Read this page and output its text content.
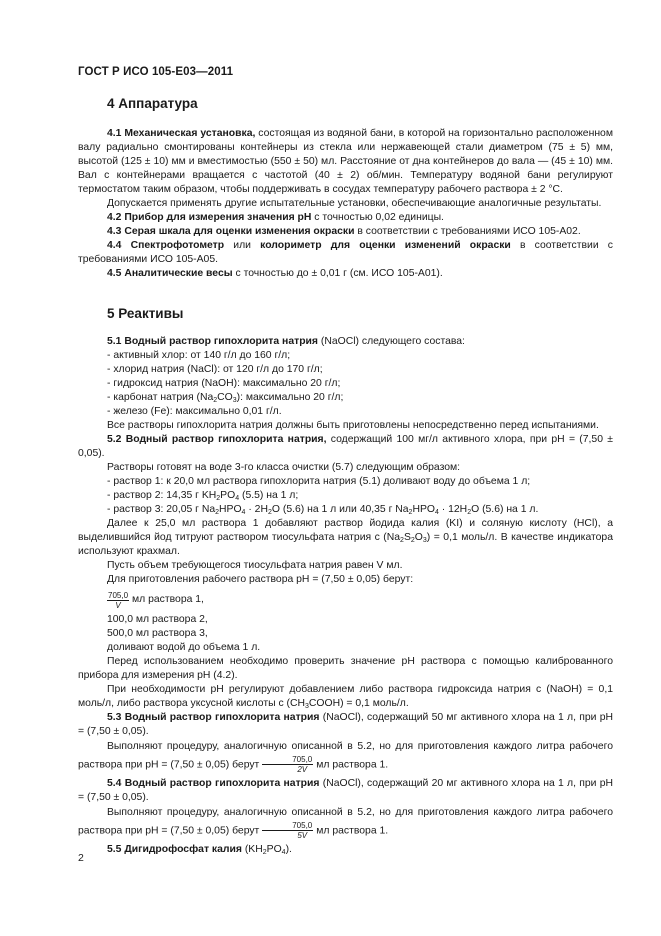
ГОСТ Р ИСО 105-Е03—2011
4 Аппаратура

4.1 Механическая установка, состоящая из водяной бани, в которой на горизонтально расположенном валу радиально смонтированы контейнеры из стекла или нержавеющей стали диаметром (75 ± 5) мм, высотой (125 ± 10) мм и вместимостью (550 ± 50) мл. Расстояние от дна контейнеров до вала — (45 ± 10) мм. Вал с контейнерами вращается с частотой (40 ± 2) об/мин. Температуру водяной бани регулируют термостатом таким образом, чтобы поддерживать в сосудах температуру рабочего раствора ± 2 °С.

Допускается применять другие испытательные установки, обеспечивающие аналогичные результаты.

4.2 Прибор для измерения значения pH с точностью 0,02 единицы.

4.3 Серая шкала для оценки изменения окраски в соответствии с требованиями ИСО 105-А02.

4.4 Спектрофотометр или колориметр для оценки изменений окраски в соответствии с требованиями ИСО 105-А05.

4.5 Аналитические весы с точностью до ± 0,01 г (см. ИСО 105-А01).

5 Реактивы

5.1 Водный раствор гипохлорита натрия (NaOCl) следующего состава:

- активный хлор: от 140 г/л до 160 г/л;

- хлорид натрия (NaCl): от 120 г/л до 170 г/л;

- гидроксид натрия (NaOH): максимально 20 г/л;

- карбонат натрия $(Na_2CO_3)$: максимально 20 г/л;

- железо (Fe): максимально 0,01 г/л.

Все растворы гипохлорита натрия должны быть приготовлены непосредственно перед испытаниями.

5.2 Водный раствор гипохлорита натрия, содержащий 100 мг/л активного хлора, при pH = (7,50 ± 0,05).

Растворы готовят на воде 3-го класса очистки (5.7) следующим образом:

- раствор 1: к 20,0 мл раствора гипохлорита натрия (5.1) доливают воду до объема 1 л;

- раствор 2: 14,35 г $KH_2PO_4$ (5.5) на 1 л;

- раствор 3: 20,05 г $Na_2HPO_4 \cdot 2H_2O$ (5.6) на 1 л или 40,35 г $Na_2HPO_4 \cdot 12H_2O$ (5.6) на 1 л.

Далее к 25,0 мл раствора 1 добавляют раствор йодида калия (KI) и соляную кислоту (HCl), а выделившийся йод титруют раствором тиосульфата натрия c $(Na_2S_2O_3) = 0,1$ моль/л. В качестве индикатора используют крахмал.

Пусть объем требующегося тиосульфата натрия равен V мл.

Для приготовления рабочего раствора pH = (7,50 ± 0,05) берут:

$\frac{705,0}{V}$ мл раствора 1,

100,0 мл раствора 2,

500,0 мл раствора 3,

доливают водой до объема 1 л.

Перед использованием необходимо проверить значение pH раствора с помощью калиброванного прибора для измерения pH (4.2).

При необходимости pH регулируют добавлением либо раствора гидроксида натрия c (NaOH) = 0,1 моль/л, либо раствора уксусной кислоты c $(CH_3COOH) = 0,1$ моль/л.

5.3 Водный раствор гипохлорита натрия (NaOCl), содержащий 50 мг активного хлора на 1 л, при pH = (7,50 ± 0,05).

Выполняют процедуру, аналогичную описанной в 5.2, но для приготовления каждого литра рабочего раствора при pH = (7,50 ± 0,05) берут $\frac{705,0}{2V}$ мл раствора 1.

5.4 Водный раствор гипохлорита натрия (NaOCl), содержащий 20 мг активного хлора на 1 л, при pH = (7,50 ± 0,05).

Выполняют процедуру, аналогичную описанной в 5.2, но для приготовления каждого литра рабочего раствора при pH = (7,50 ± 0,05) берут $\frac{705,0}{5V}$ мл раствора 1.

5.5 Дигидрофосфат калия $(KH_2PO_4)$.

2
